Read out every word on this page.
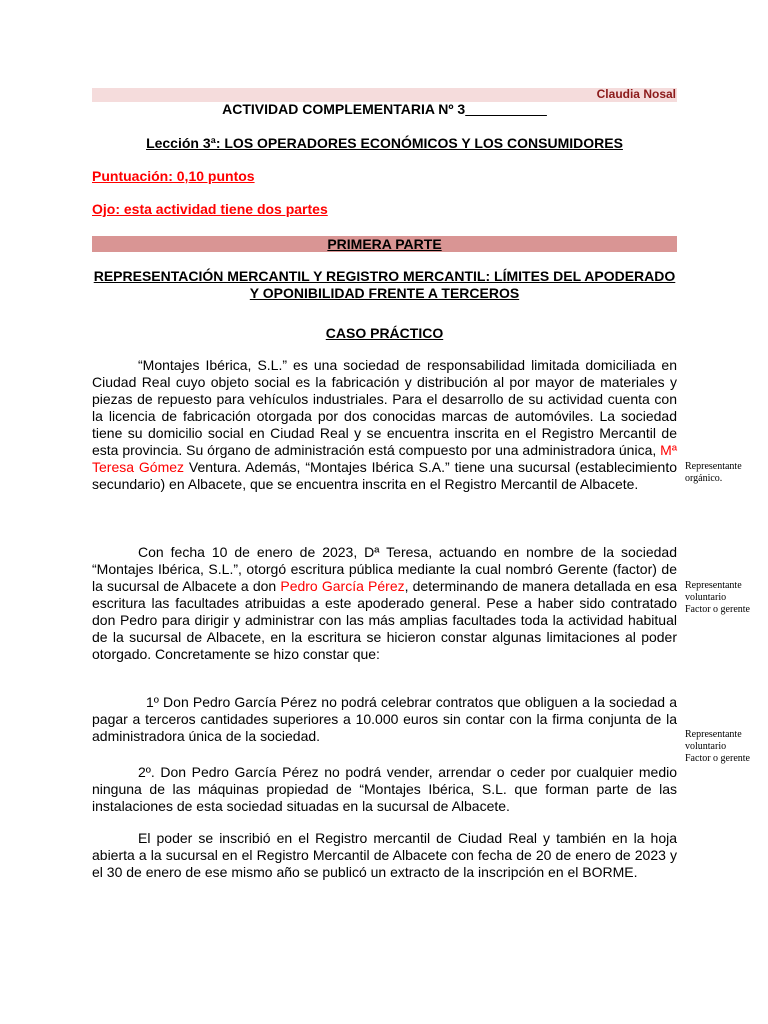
Claudia Nosal
ACTIVIDAD COMPLEMENTARIA Nº 3
Lección 3ª: LOS OPERADORES ECONÓMICOS Y LOS CONSUMIDORES
Puntuación: 0,10 puntos
Ojo: esta actividad tiene dos partes
PRIMERA PARTE
REPRESENTACIÓN MERCANTIL Y REGISTRO MERCANTIL: LÍMITES DEL APODERADO Y OPONIBILIDAD FRENTE A TERCEROS
CASO PRÁCTICO

“Montajes Ibérica, S.L.” es una sociedad de responsabilidad limitada domiciliada en Ciudad Real cuyo objeto social es la fabricación y distribución al por mayor de materiales y piezas de repuesto para vehículos industriales. Para el desarrollo de su actividad cuenta con la licencia de fabricación otorgada por dos conocidas marcas de automóviles. La sociedad tiene su domicilio social en Ciudad Real y se encuentra inscrita en el Registro Mercantil de esta provincia. Su órgano de administración está compuesto por una administradora única, Mª Teresa Gómez Ventura. Además, “Montajes Ibérica S.A.” tiene una sucursal (establecimiento secundario) en Albacete, que se encuentra inscrita en el Registro Mercantil de Albacete.

Con fecha 10 de enero de 2023, Dª Teresa, actuando en nombre de la sociedad “Montajes Ibérica, S.L.”, otorgó escritura pública mediante la cual nombró Gerente (factor) de la sucursal de Albacete a don Pedro García Pérez, determinando de manera detallada en esa escritura las facultades atribuidas a este apoderado general. Pese a haber sido contratado don Pedro para dirigir y administrar con las más amplias facultades toda la actividad habitual de la sucursal de Albacete, en la escritura se hicieron constar algunas limitaciones al poder otorgado. Concretamente se hizo constar que:

1º Don Pedro García Pérez no podrá celebrar contratos que obliguen a la sociedad a pagar a terceros cantidades superiores a 10.000 euros sin contar con la firma conjunta de la administradora única de la sociedad.

2º. Don Pedro García Pérez no podrá vender, arrendar o ceder por cualquier medio ninguna de las máquinas propiedad de “Montajes Ibérica, S.L. que forman parte de las instalaciones de esta sociedad situadas en la sucursal de Albacete.

El poder se inscribió en el Registro mercantil de Ciudad Real y también en la hoja abierta a la sucursal en el Registro Mercantil de Albacete con fecha de 20 de enero de 2023 y el 30 de enero de ese mismo año se publicó un extracto de la inscripción en el BORME.

Representante
orgánico.
Representante
voluntario
Factor o gerente
Representante
voluntario
Factor o gerente
